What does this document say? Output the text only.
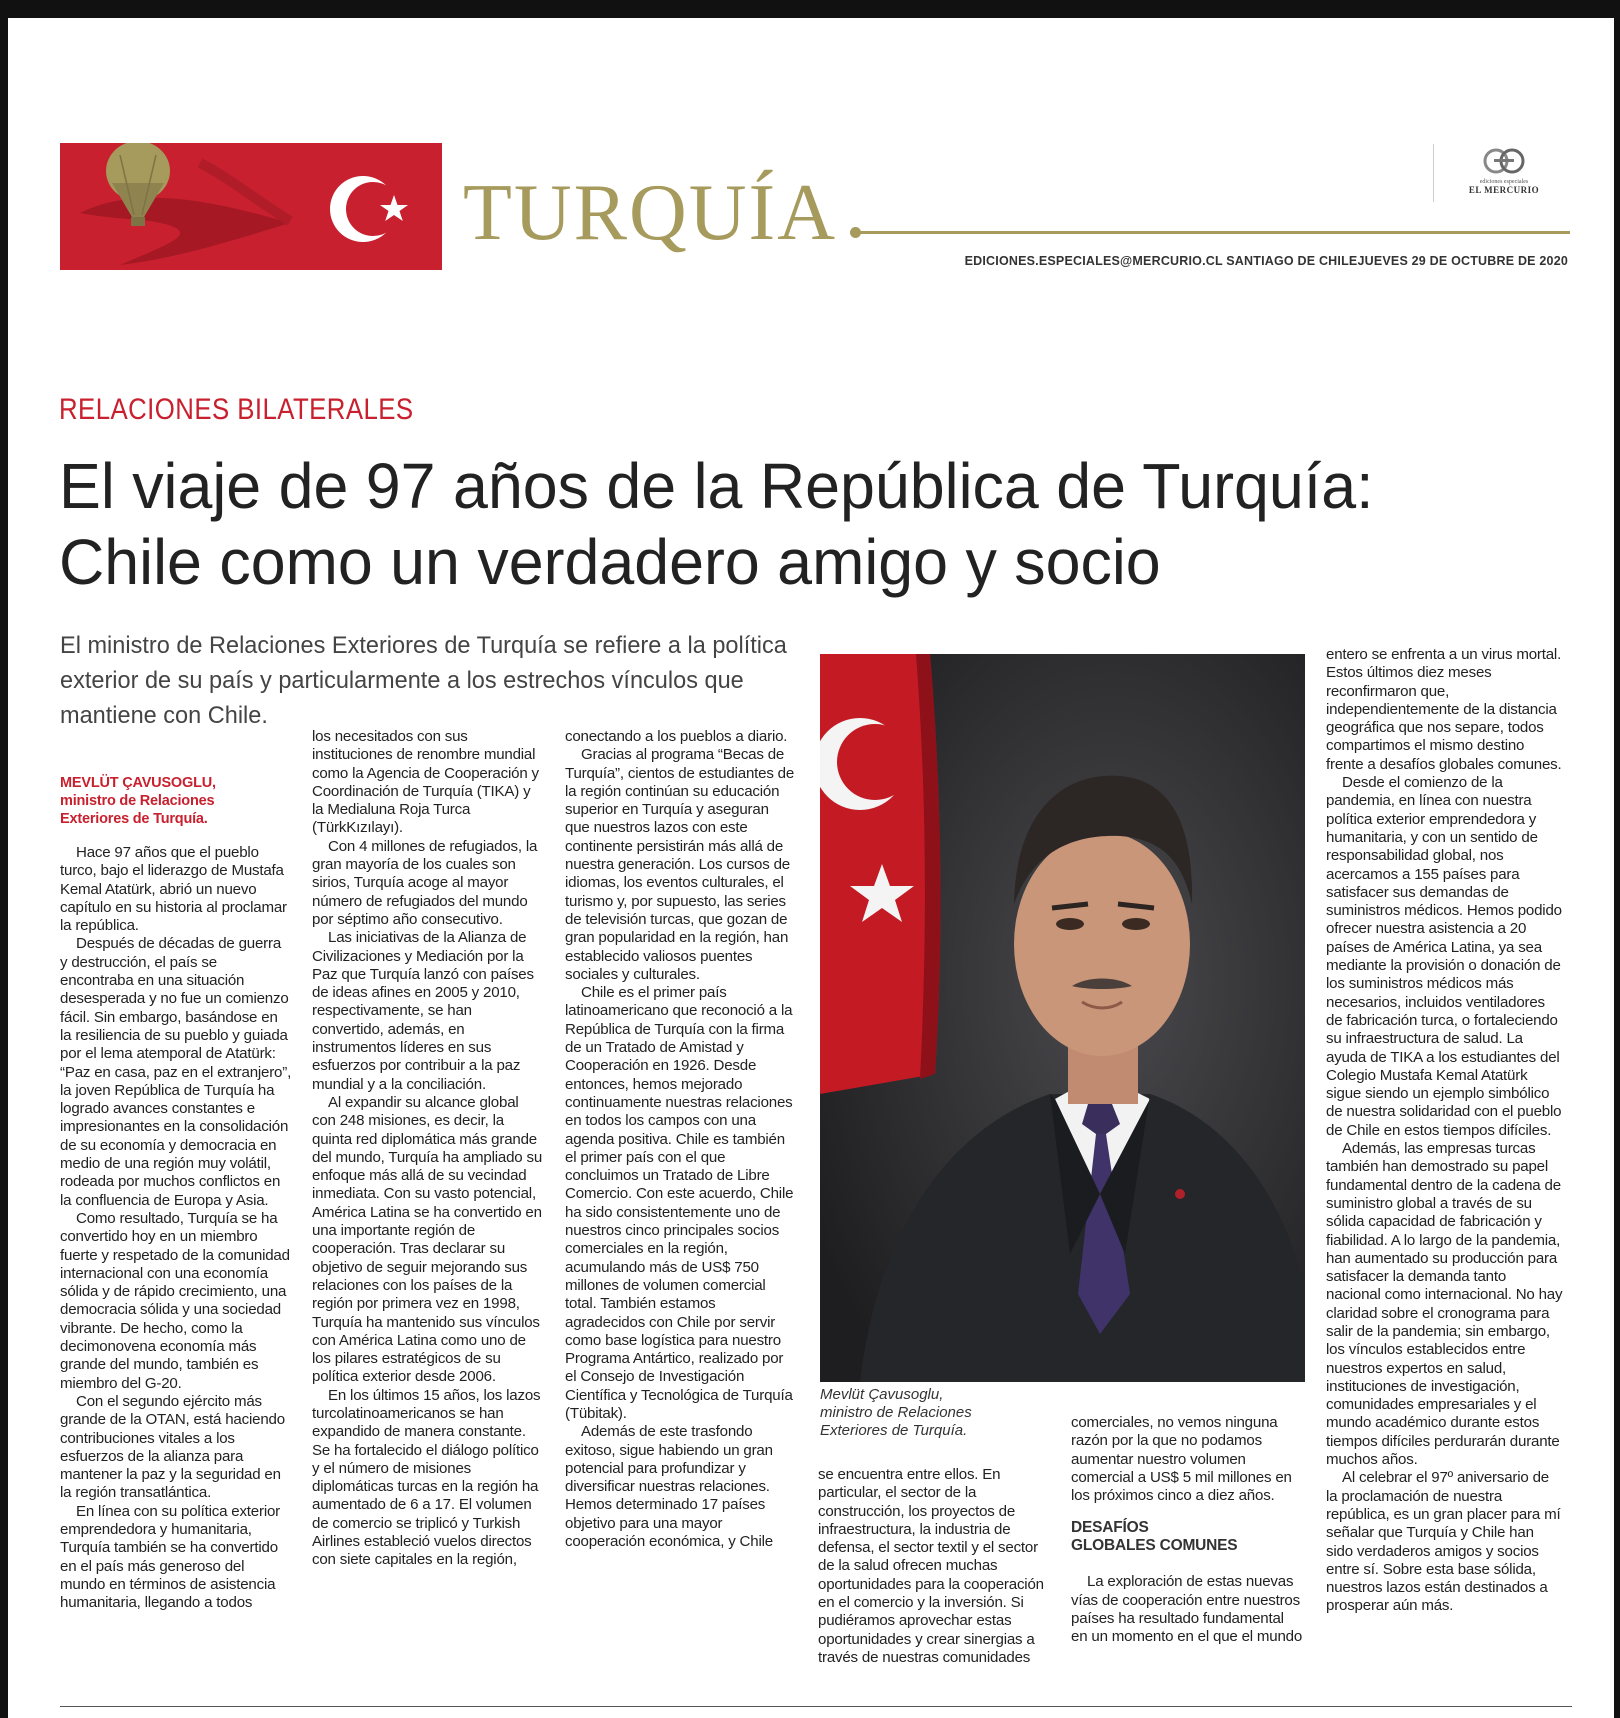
TURQUÍA	ediciones especiales
EL MERCURIO
EDICIONES.ESPECIALES@MERCURIO.CL SANTIAGO DE CHILEJUEVES 29 DE OCTUBRE DE 2020
RELACIONES BILATERALES
El viaje de 97 años de la República de Turquía:
Chile como un verdadero amigo y socio

El ministro de Relaciones Exteriores de Turquía se refiere a la política exterior de su país y particularmente a los estrechos vínculos que mantiene con Chile.

MEVLÜT ÇAVUSOGLU,
ministro de Relaciones
Exteriores de Turquía.

Hace 97 años que el pueblo turco, bajo el liderazgo de Mustafa Kemal Atatürk, abrió un nuevo capítulo en su historia al proclamar la república.

Después de décadas de guerra y destrucción, el país se encontraba en una situación desesperada y no fue un comienzo fácil. Sin embargo, basándose en la resiliencia de su pueblo y guiada por el lema atemporal de Atatürk: “Paz en casa, paz en el extranjero”, la joven República de Turquía ha logrado avances constantes e impresionantes en la consolidación de su economía y democracia en medio de una región muy volátil, rodeada por muchos conflictos en la confluencia de Europa y Asia.

Como resultado, Turquía se ha convertido hoy en un miembro fuerte y respetado de la comunidad internacional con una economía sólida y de rápido crecimiento, una democracia sólida y una sociedad vibrante. De hecho, como la decimonovena economía más grande del mundo, también es miembro del G-20.

Con el segundo ejército más grande de la OTAN, está haciendo contribuciones vitales a los esfuerzos de la alianza para mantener la paz y la seguridad en la región transatlántica.

En línea con su política exterior emprendedora y humanitaria, Turquía también se ha convertido en el país más generoso del mundo en términos de asistencia humanitaria, llegando a todos

los necesitados con sus instituciones de renombre mundial como la Agencia de Cooperación y Coordinación de Turquía (TIKA) y la Medialuna Roja Turca (TürkKızılayı).

Con 4 millones de refugiados, la gran mayoría de los cuales son sirios, Turquía acoge al mayor número de refugiados del mundo por séptimo año consecutivo.

Las iniciativas de la Alianza de Civilizaciones y Mediación por la Paz que Turquía lanzó con países de ideas afines en 2005 y 2010, respectivamente, se han convertido, además, en instrumentos líderes en sus esfuerzos por contribuir a la paz mundial y a la conciliación.

Al expandir su alcance global con 248 misiones, es decir, la quinta red diplomática más grande del mundo, Turquía ha ampliado su enfoque más allá de su vecindad inmediata. Con su vasto potencial, América Latina se ha convertido en una importante región de cooperación. Tras declarar su objetivo de seguir mejorando sus relaciones con los países de la región por primera vez en 1998, Turquía ha mantenido sus vínculos con América Latina como uno de los pilares estratégicos de su política exterior desde 2006.

En los últimos 15 años, los lazos turcolatinoamericanos se han expandido de manera constante. Se ha fortalecido el diálogo político y el número de misiones diplomáticas turcas en la región ha aumentado de 6 a 17. El volumen de comercio se triplicó y Turkish Airlines estableció vuelos directos con siete capitales en la región,

conectando a los pueblos a diario.

Gracias al programa “Becas de Turquía”, cientos de estudiantes de la región continúan su educación superior en Turquía y aseguran que nuestros lazos con este continente persistirán más allá de nuestra generación. Los cursos de idiomas, los eventos culturales, el turismo y, por supuesto, las series de televisión turcas, que gozan de gran popularidad en la región, han establecido valiosos puentes sociales y culturales.

Chile es el primer país latinoamericano que reconoció a la República de Turquía con la firma de un Tratado de Amistad y Cooperación en 1926. Desde entonces, hemos mejorado continuamente nuestras relaciones en todos los campos con una agenda positiva. Chile es también el primer país con el que concluimos un Tratado de Libre Comercio. Con este acuerdo, Chile ha sido consistentemente uno de nuestros cinco principales socios comerciales en la región, acumulando más de US$ 750 millones de volumen comercial total. También estamos agradecidos con Chile por servir como base logística para nuestro Programa Antártico, realizado por el Consejo de Investigación Científica y Tecnológica de Turquía (Tübitak).

Además de este trasfondo exitoso, sigue habiendo un gran potencial para profundizar y diversificar nuestras relaciones. Hemos determinado 17 países objetivo para una mayor cooperación económica, y Chile

Mevlüt Çavusoglu,
ministro de Relaciones
Exteriores de Turquía.

se encuentra entre ellos. En particular, el sector de la construcción, los proyectos de infraestructura, la industria de defensa, el sector textil y el sector de la salud ofrecen muchas oportunidades para la cooperación en el comercio y la inversión. Si pudiéramos aprovechar estas oportunidades y crear sinergias a través de nuestras comunidades

comerciales, no vemos ninguna razón por la que no podamos aumentar nuestro volumen comercial a US$ 5 mil millones en los próximos cinco a diez años.

DESAFÍOS
GLOBALES COMUNES

La exploración de estas nuevas vías de cooperación entre nuestros países ha resultado fundamental en un momento en el que el mundo

entero se enfrenta a un virus mortal. Estos últimos diez meses reconfirmaron que, independientemente de la distancia geográfica que nos separe, todos compartimos el mismo destino frente a desafíos globales comunes.

Desde el comienzo de la pandemia, en línea con nuestra política exterior emprendedora y humanitaria, y con un sentido de responsabilidad global, nos acercamos a 155 países para satisfacer sus demandas de suministros médicos. Hemos podido ofrecer nuestra asistencia a 20 países de América Latina, ya sea mediante la provisión o donación de los suministros médicos más necesarios, incluidos ventiladores de fabricación turca, o fortaleciendo su infraestructura de salud. La ayuda de TIKA a los estudiantes del Colegio Mustafa Kemal Atatürk sigue siendo un ejemplo simbólico de nuestra solidaridad con el pueblo de Chile en estos tiempos difíciles.

Además, las empresas turcas también han demostrado su papel fundamental dentro de la cadena de suministro global a través de su sólida capacidad de fabricación y fiabilidad. A lo largo de la pandemia, han aumentado su producción para satisfacer la demanda tanto nacional como internacional. No hay claridad sobre el cronograma para salir de la pandemia; sin embargo, los vínculos establecidos entre nuestros expertos en salud, instituciones de investigación, comunidades empresariales y el mundo académico durante estos tiempos difíciles perdurarán durante muchos años.

Al celebrar el 97º aniversario de la proclamación de nuestra república, es un gran placer para mí señalar que Turquía y Chile han sido verdaderos amigos y socios entre sí. Sobre esta base sólida, nuestros lazos están destinados a prosperar aún más.
